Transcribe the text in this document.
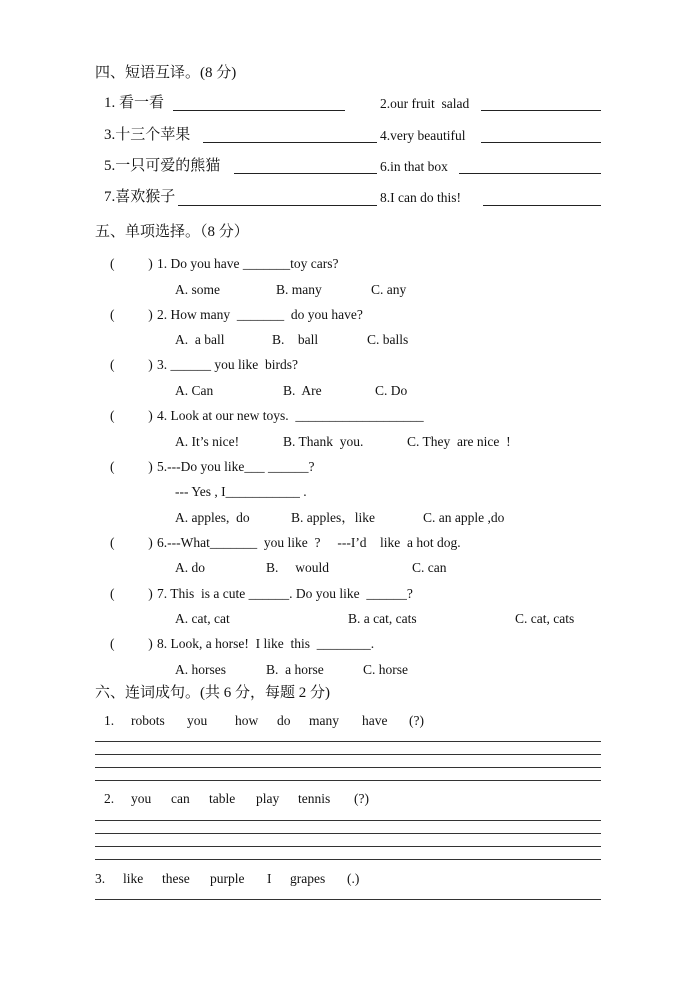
四、短语互译。(8 分)
1. 看一看	2.our fruit  salad
3.十三个苹果	4.very beautiful
5.一只可爱的熊猫	6.in that box
7.喜欢猴子	8.I can do this!
五、单项选择。（8 分）
(          ) 1. Do you have _______toy cars?
A. some	B. many	C. any
(          ) 2. How many  _______  do you have?
A.  a ball	B.    ball	C. balls
(          ) 3. ______ you like  birds?
A. Can	B.  Are	C. Do
(          ) 4. Look at our new toys.  ___________________
A. It’s nice!	B. Thank  you.	C. They  are nice  !
(          ) 5.---Do you like___ ______?
--- Yes , I___________ .
A. apples,  do	B. apples，like	C. an apple ,do
(          ) 6.---What_______  you like  ?     ---I’d    like  a hot dog.
A. do	B.     would	C. can
(          ) 7. This  is a cute ______. Do you like  ______?
A. cat, cat	B. a cat, cats	C. cat, cats
(          ) 8. Look, a horse!  I like  this  ________.
A. horses	B.  a horse	C. horse
六、连词成句。(共 6 分，每题 2 分)
1. robots you how do many have (?)
2. you can table play tennis (?)
3. like these purple I grapes (.)
